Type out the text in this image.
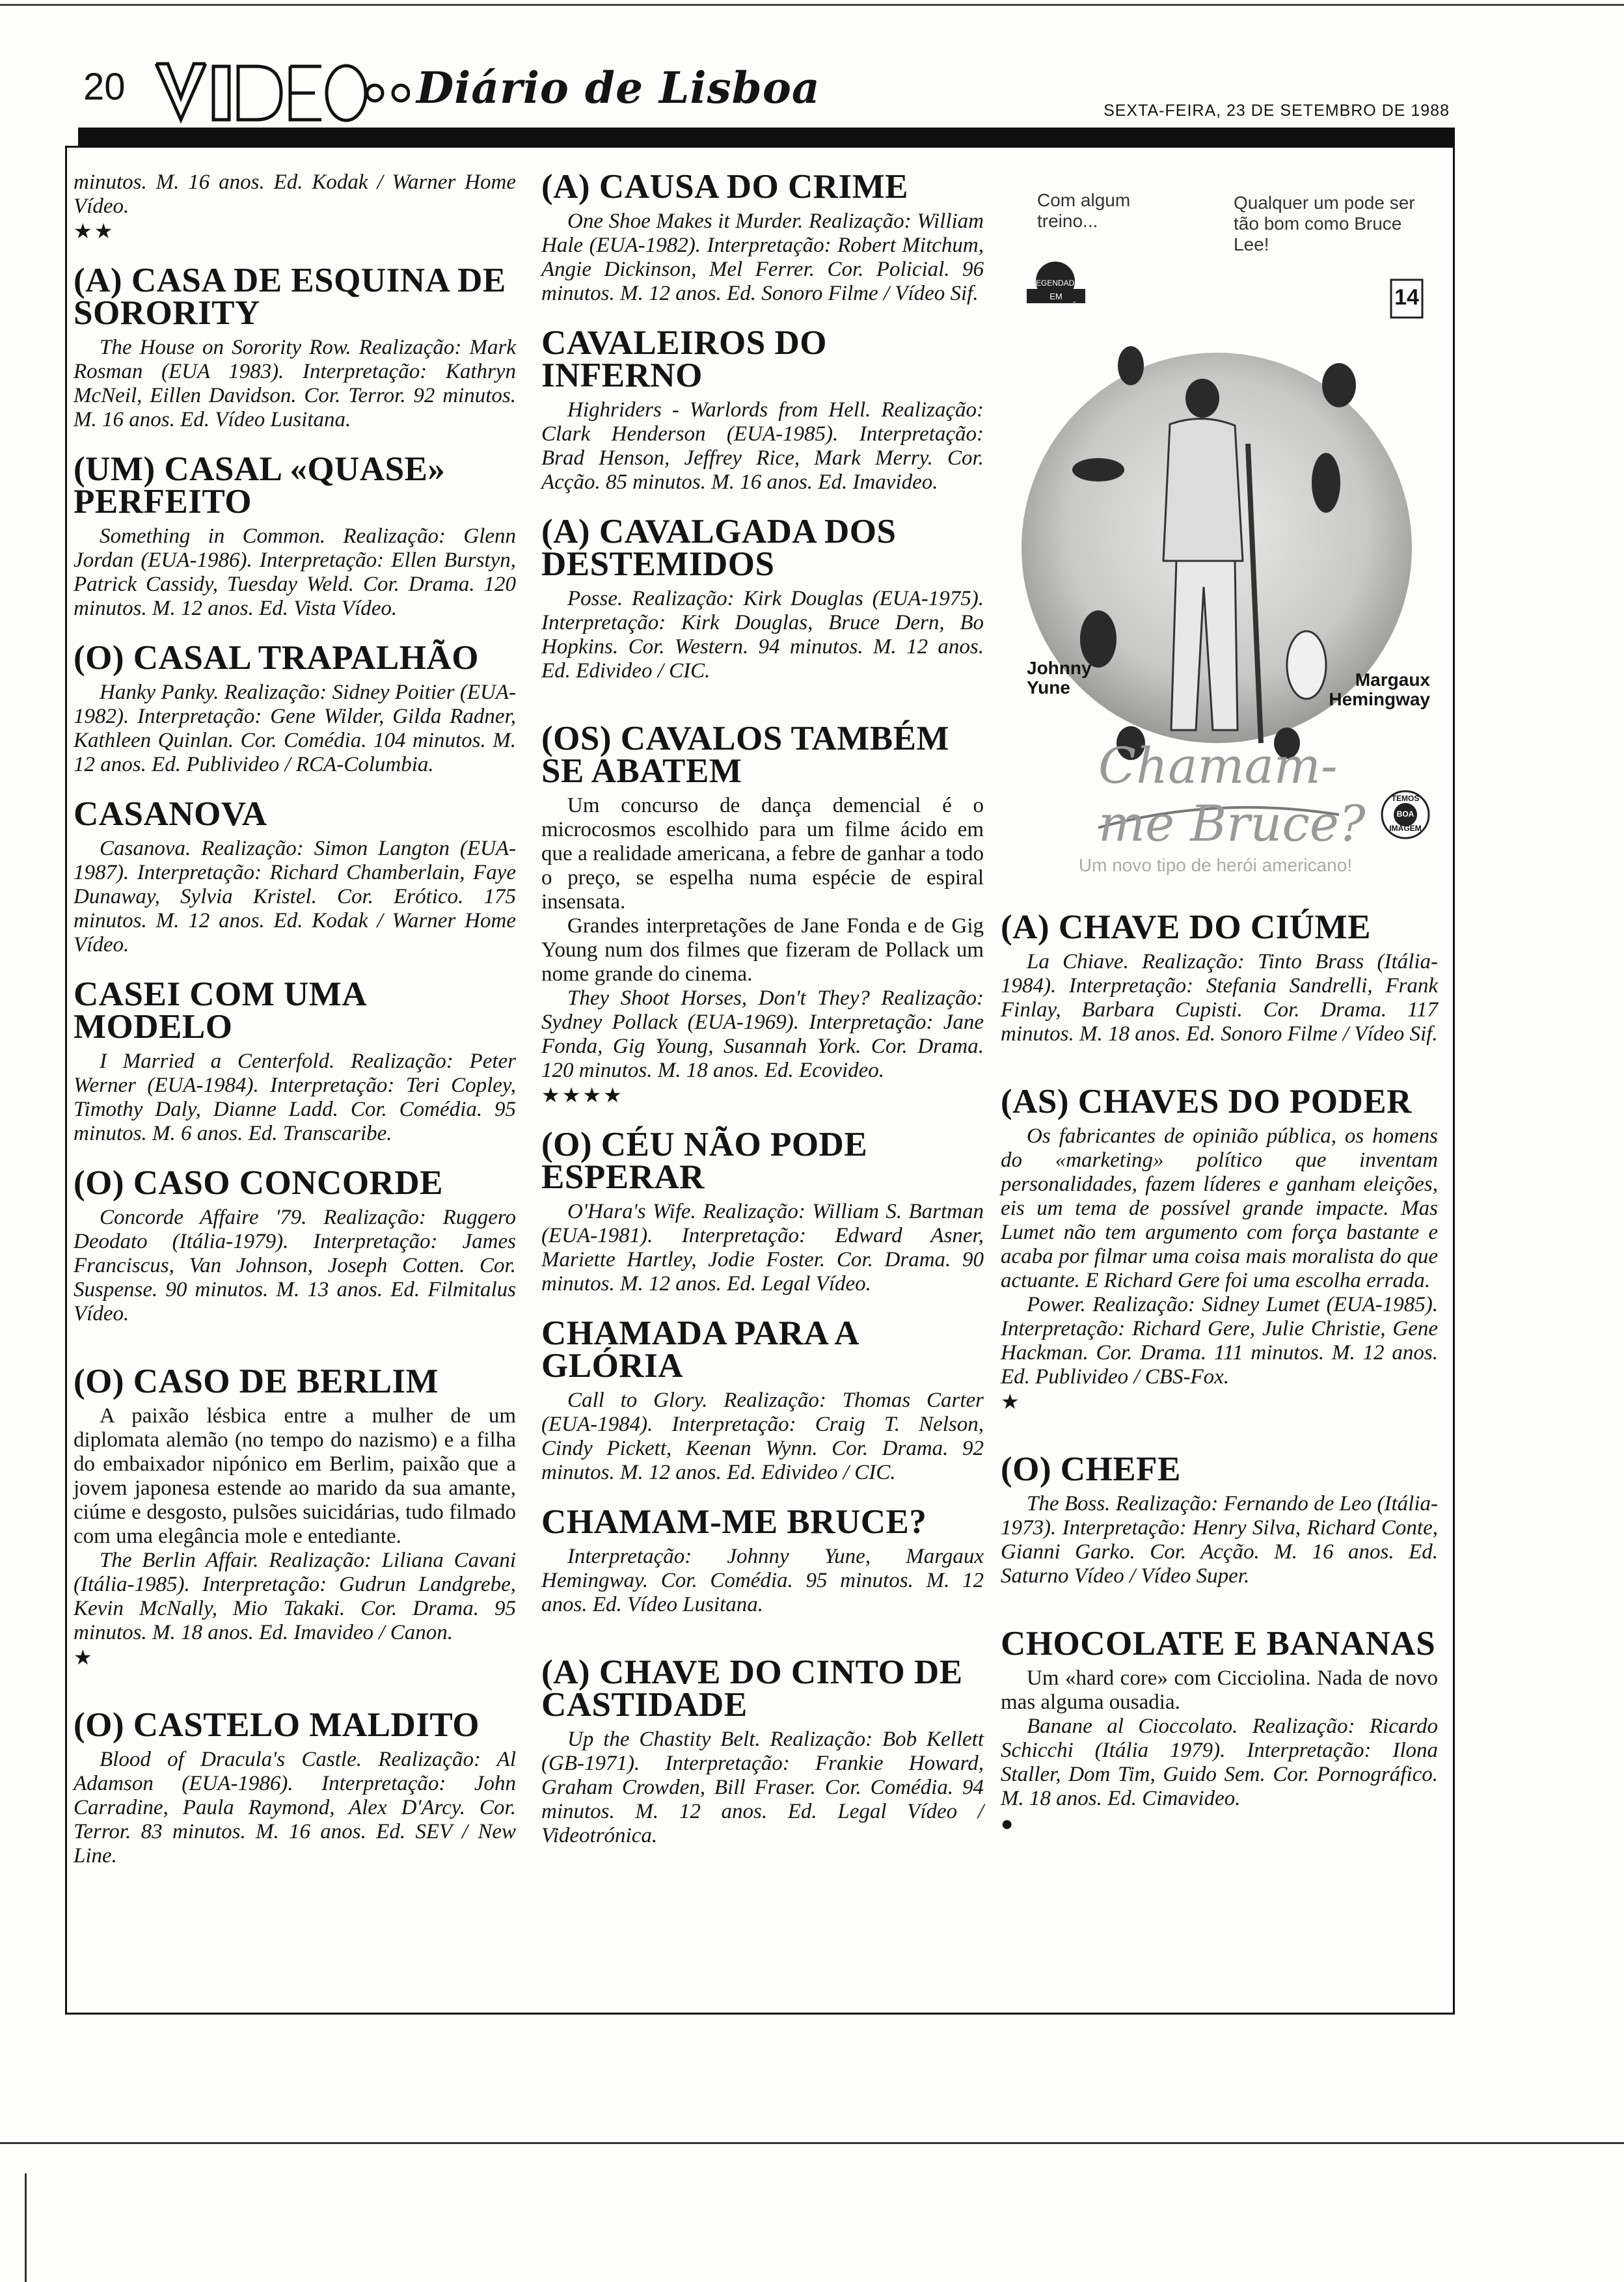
20	Diário de Lisboa	SEXTA-FEIRA, 23 DE SETEMBRO DE 1988

minutos. M. 16 anos. Ed. Kodak / Warner Home Vídeo.

★★

(A) CASA DE ESQUINA DE SORORITY

The House on Sorority Row. Realização: Mark Rosman (EUA 1983). Interpretação: Kathryn McNeil, Eillen Davidson. Cor. Terror. 92 minutos. M. 16 anos. Ed. Vídeo Lusitana.

(UM) CASAL «QUASE» PERFEITO

Something in Common. Realização: Glenn Jordan (EUA-1986). Interpretação: Ellen Burstyn, Patrick Cassidy, Tuesday Weld. Cor. Drama. 120 minutos. M. 12 anos. Ed. Vista Vídeo.

(O) CASAL TRAPALHÃO

Hanky Panky. Realização: Sidney Poitier (EUA-1982). Interpretação: Gene Wilder, Gilda Radner, Kathleen Quinlan. Cor. Comédia. 104 minutos. M. 12 anos. Ed. Publivideo / RCA-Columbia.

CASANOVA

Casanova. Realização: Simon Langton (EUA-1987). Interpretação: Richard Chamberlain, Faye Dunaway, Sylvia Kristel. Cor. Erótico. 175 minutos. M. 12 anos. Ed. Kodak / Warner Home Vídeo.

CASEI COM UMA MODELO

I Married a Centerfold. Realização: Peter Werner (EUA-1984). Interpretação: Teri Copley, Timothy Daly, Dianne Ladd. Cor. Comédia. 95 minutos. M. 6 anos. Ed. Transcaribe.

(O) CASO CONCORDE

Concorde Affaire '79. Realização: Ruggero Deodato (Itália-1979). Interpretação: James Franciscus, Van Johnson, Joseph Cotten. Cor. Suspense. 90 minutos. M. 13 anos. Ed. Filmitalus Vídeo.

(O) CASO DE BERLIM

A paixão lésbica entre a mulher de um diplomata alemão (no tempo do nazismo) e a filha do embaixador nipónico em Berlim, paixão que a jovem japonesa estende ao marido da sua amante, ciúme e desgosto, pulsões suicidárias, tudo filmado com uma elegância mole e entediante.

The Berlin Affair. Realização: Liliana Cavani (Itália-1985). Interpretação: Gudrun Landgrebe, Kevin McNally, Mio Takaki. Cor. Drama. 95 minutos. M. 18 anos. Ed. Imavideo / Canon.

★

(O) CASTELO MALDITO

Blood of Dracula's Castle. Realização: Al Adamson (EUA-1986). Interpretação: John Carradine, Paula Raymond, Alex D'Arcy. Cor. Terror. 83 minutos. M. 16 anos. Ed. SEV / New Line.

(A) CAUSA DO CRIME

One Shoe Makes it Murder. Realização: William Hale (EUA-1982). Interpretação: Robert Mitchum, Angie Dickinson, Mel Ferrer. Cor. Policial. 96 minutos. M. 12 anos. Ed. Sonoro Filme / Vídeo Sif.

CAVALEIROS DO INFERNO

Highriders - Warlords from Hell. Realização: Clark Henderson (EUA-1985). Interpretação: Brad Henson, Jeffrey Rice, Mark Merry. Cor. Acção. 85 minutos. M. 16 anos. Ed. Imavideo.

(A) CAVALGADA DOS DESTEMIDOS

Posse. Realização: Kirk Douglas (EUA-1975). Interpretação: Kirk Douglas, Bruce Dern, Bo Hopkins. Cor. Western. 94 minutos. M. 12 anos. Ed. Edivideo / CIC.

(OS) CAVALOS TAMBÉM SE ABATEM

Um concurso de dança demencial é o microcosmos escolhido para um filme ácido em que a realidade americana, a febre de ganhar a todo o preço, se espelha numa espécie de espiral insensata.

Grandes interpretações de Jane Fonda e de Gig Young num dos filmes que fizeram de Pollack um nome grande do cinema.

They Shoot Horses, Don't They? Realização: Sydney Pollack (EUA-1969). Interpretação: Jane Fonda, Gig Young, Susannah York. Cor. Drama. 120 minutos. M. 18 anos. Ed. Ecovideo.

★★★★

(O) CÉU NÃO PODE ESPERAR

O'Hara's Wife. Realização: William S. Bartman (EUA-1981). Interpretação: Edward Asner, Mariette Hartley, Jodie Foster. Cor. Drama. 90 minutos. M. 12 anos. Ed. Legal Vídeo.

CHAMADA PARA A GLÓRIA

Call to Glory. Realização: Thomas Carter (EUA-1984). Interpretação: Craig T. Nelson, Cindy Pickett, Keenan Wynn. Cor. Drama. 92 minutos. M. 12 anos. Ed. Edivideo / CIC.

CHAMAM-ME BRUCE?

Interpretação: Johnny Yune, Margaux Hemingway. Cor. Comédia. 95 minutos. M. 12 anos. Ed. Vídeo Lusitana.

(A) CHAVE DO CINTO DE CASTIDADE

Up the Chastity Belt. Realização: Bob Kellett (GB-1971). Interpretação: Frankie Howard, Graham Crowden, Bill Fraser. Cor. Comédia. 94 minutos. M. 12 anos. Ed. Legal Vídeo / Videotrónica.

Com algum treino...
Qualquer um pode ser tão bom como Bruce Lee!
LEGENDADO
EM PORTUGUÊS	14
Johnny Yune	Margaux Hemingway
Chamam-me Bruce?	TEMOS
BOA
IMAGEM
Um novo tipo de herói americano!
(A) CHAVE DO CIÚME

La Chiave. Realização: Tinto Brass (Itália-1984). Interpretação: Stefania Sandrelli, Frank Finlay, Barbara Cupisti. Cor. Drama. 117 minutos. M. 18 anos. Ed. Sonoro Filme / Vídeo Sif.

(AS) CHAVES DO PODER

Os fabricantes de opinião pública, os homens do «marketing» político que inventam personalidades, fazem líderes e ganham eleições, eis um tema de possível grande impacte. Mas Lumet não tem argumento com força bastante e acaba por filmar uma coisa mais moralista do que actuante. E Richard Gere foi uma escolha errada.

Power. Realização: Sidney Lumet (EUA-1985). Interpretação: Richard Gere, Julie Christie, Gene Hackman. Cor. Drama. 111 minutos. M. 12 anos. Ed. Publivideo / CBS-Fox.

★

(O) CHEFE

The Boss. Realização: Fernando de Leo (Itália-1973). Interpretação: Henry Silva, Richard Conte, Gianni Garko. Cor. Acção. M. 16 anos. Ed. Saturno Vídeo / Vídeo Super.

CHOCOLATE E BANANAS

Um «hard core» com Cicciolina. Nada de novo mas alguma ousadia.

Banane al Cioccolato. Realização: Ricardo Schicchi (Itália 1979). Interpretação: Ilona Staller, Dom Tim, Guido Sem. Cor. Pornográfico. M. 18 anos. Ed. Cimavideo.

●
